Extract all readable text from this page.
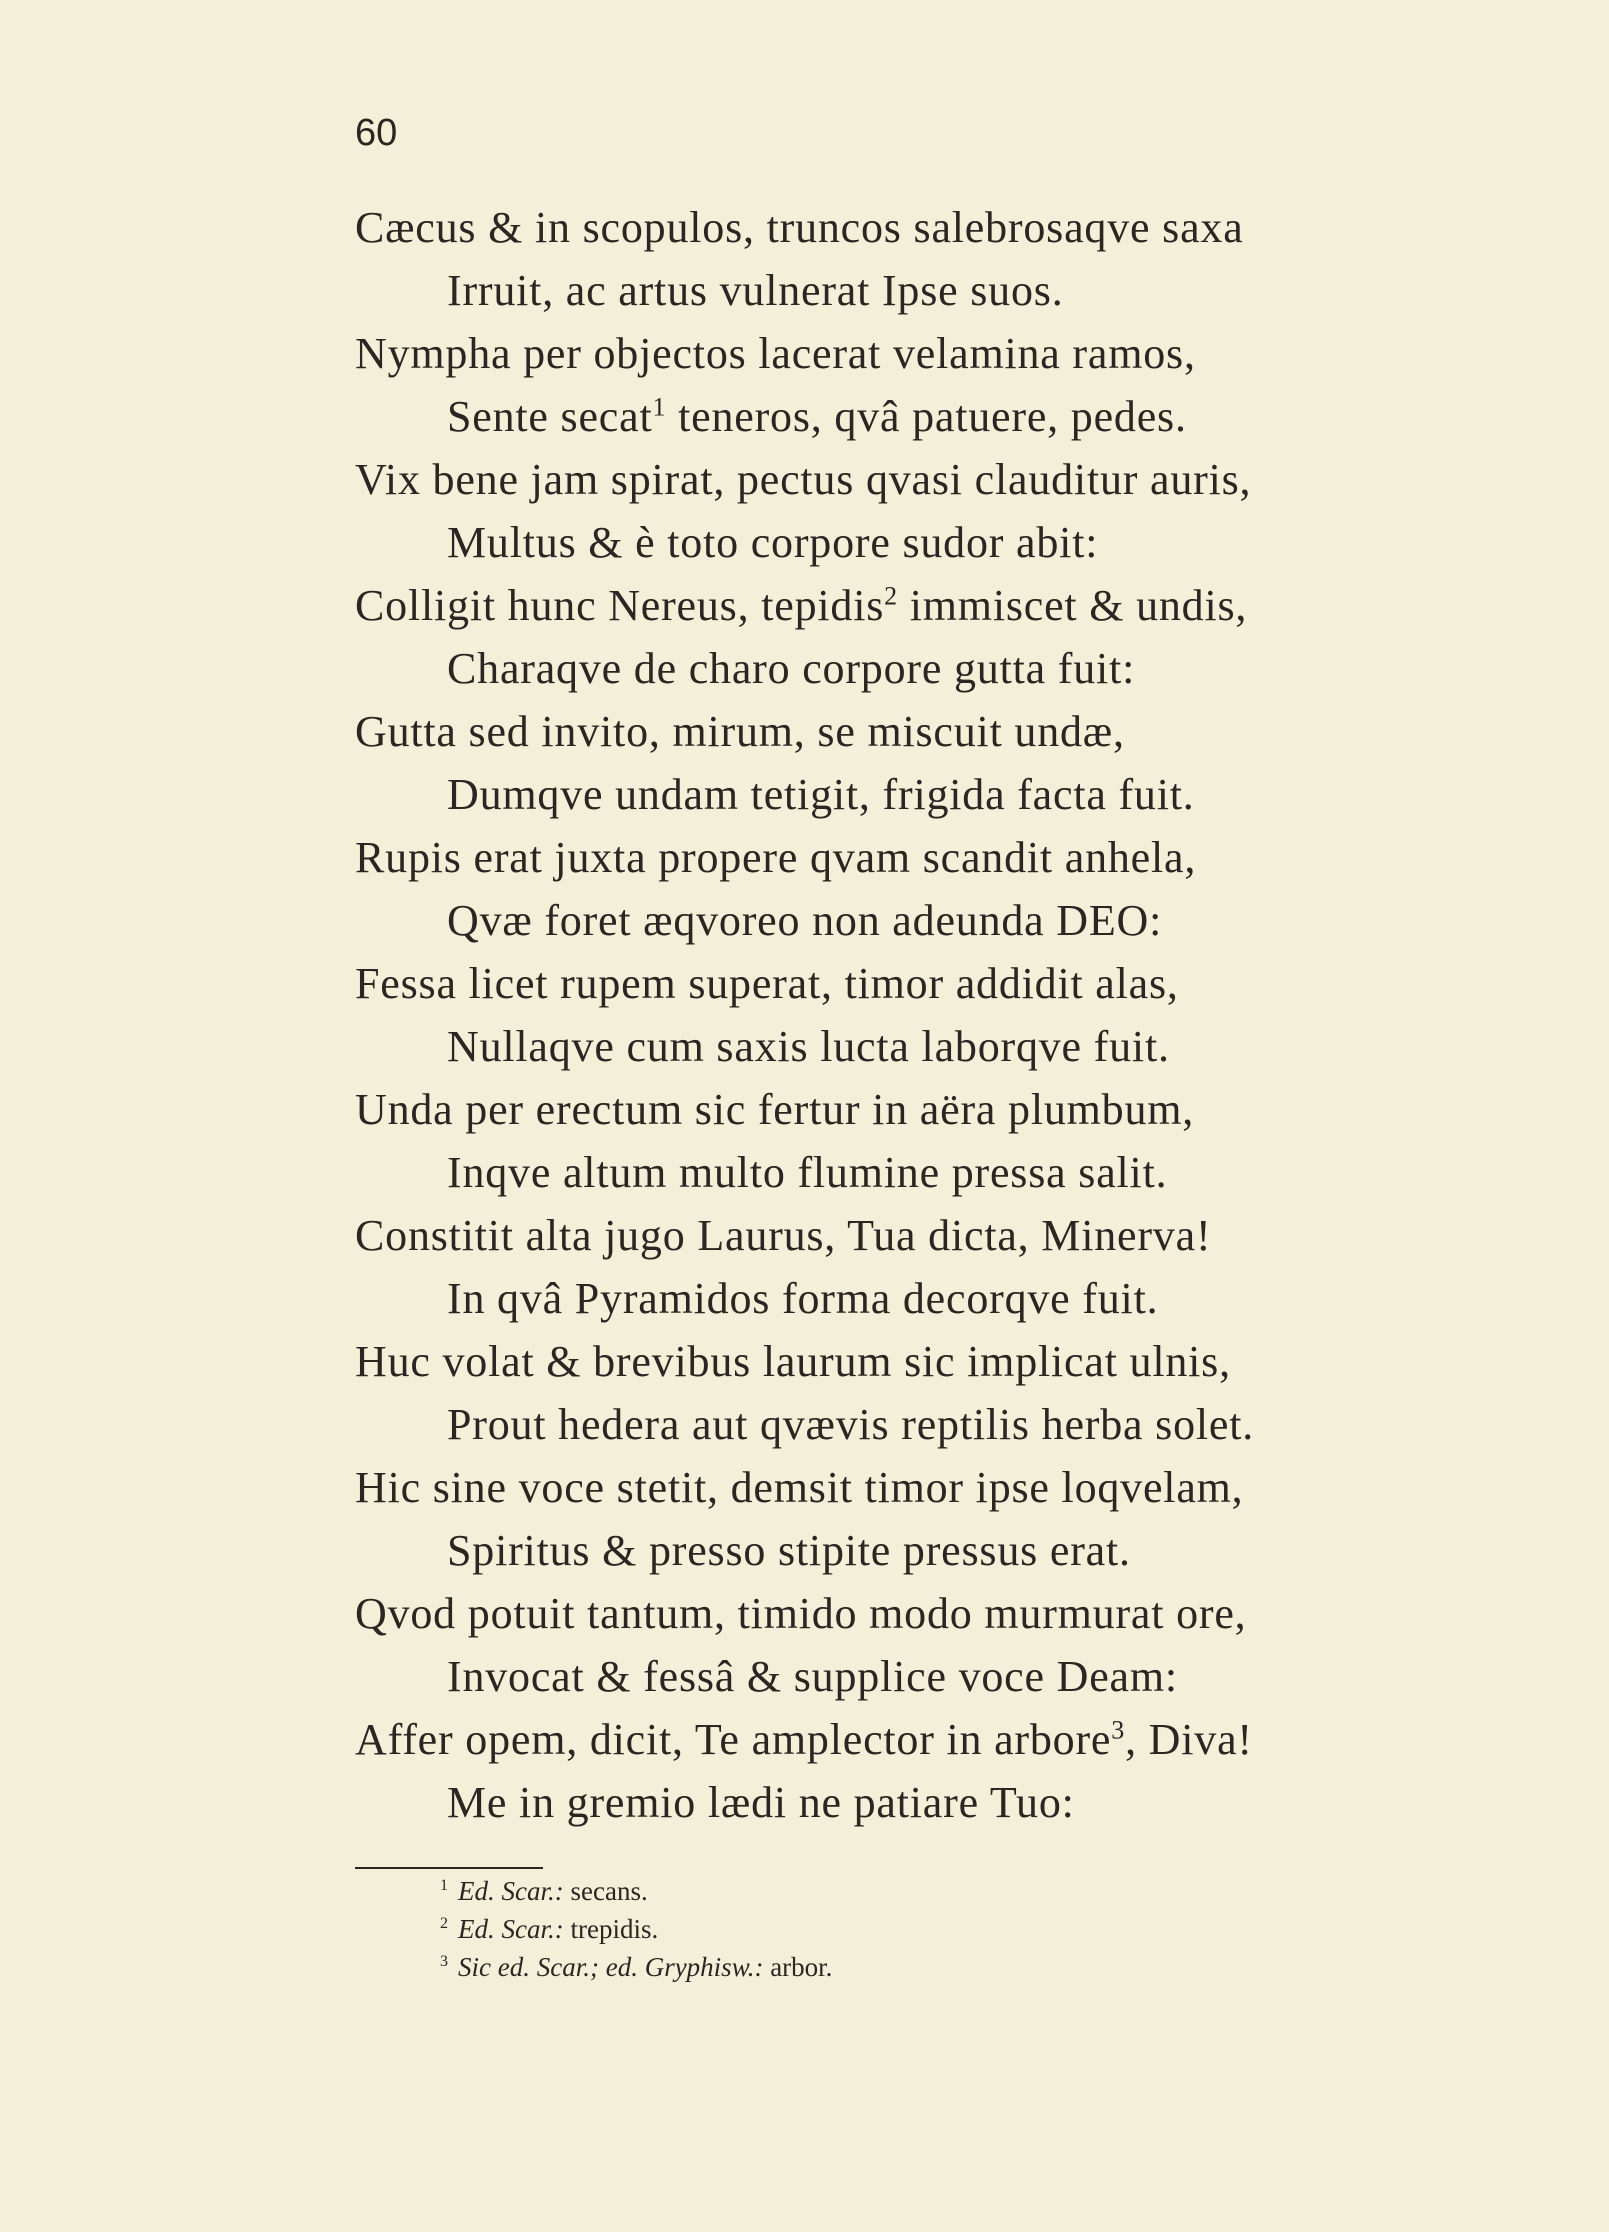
60
Cæcus & in scopulos, truncos salebrosaqve saxa
Irruit, ac artus vulnerat Ipse suos.
Nympha per objectos lacerat velamina ramos,
Sente secat$^1$ teneros, qvâ patuere, pedes.
Vix bene jam spirat, pectus qvasi clauditur auris,
Multus & è toto corpore sudor abit:
Colligit hunc Nereus, tepidis$^2$ immiscet & undis,
Charaqve de charo corpore gutta fuit:
Gutta sed invito, mirum, se miscuit undæ,
Dumqve undam tetigit, frigida facta fuit.
Rupis erat juxta propere qvam scandit anhela,
Qvæ foret æqvoreo non adeunda DEO:
Fessa licet rupem superat, timor addidit alas,
Nullaqve cum saxis lucta laborqve fuit.
Unda per erectum sic fertur in aëra plumbum,
Inqve altum multo flumine pressa salit.
Constitit alta jugo Laurus, Tua dicta, Minerva!
In qvâ Pyramidos forma decorqve fuit.
Huc volat & brevibus laurum sic implicat ulnis,
Prout hedera aut qvævis reptilis herba solet.
Hic sine voce stetit, demsit timor ipse loqvelam,
Spiritus & presso stipite pressus erat.
Qvod potuit tantum, timido modo murmurat ore,
Invocat & fessâ & supplice voce Deam:
Affer opem, dicit, Te amplector in arbore$^3$, Diva!
Me in gremio lædi ne patiare Tuo:
$^1$ Ed. Scar.: secans.
$^2$ Ed. Scar.: trepidis.
$^3$ Sic ed. Scar.; ed. Gryphisw.: arbor.
